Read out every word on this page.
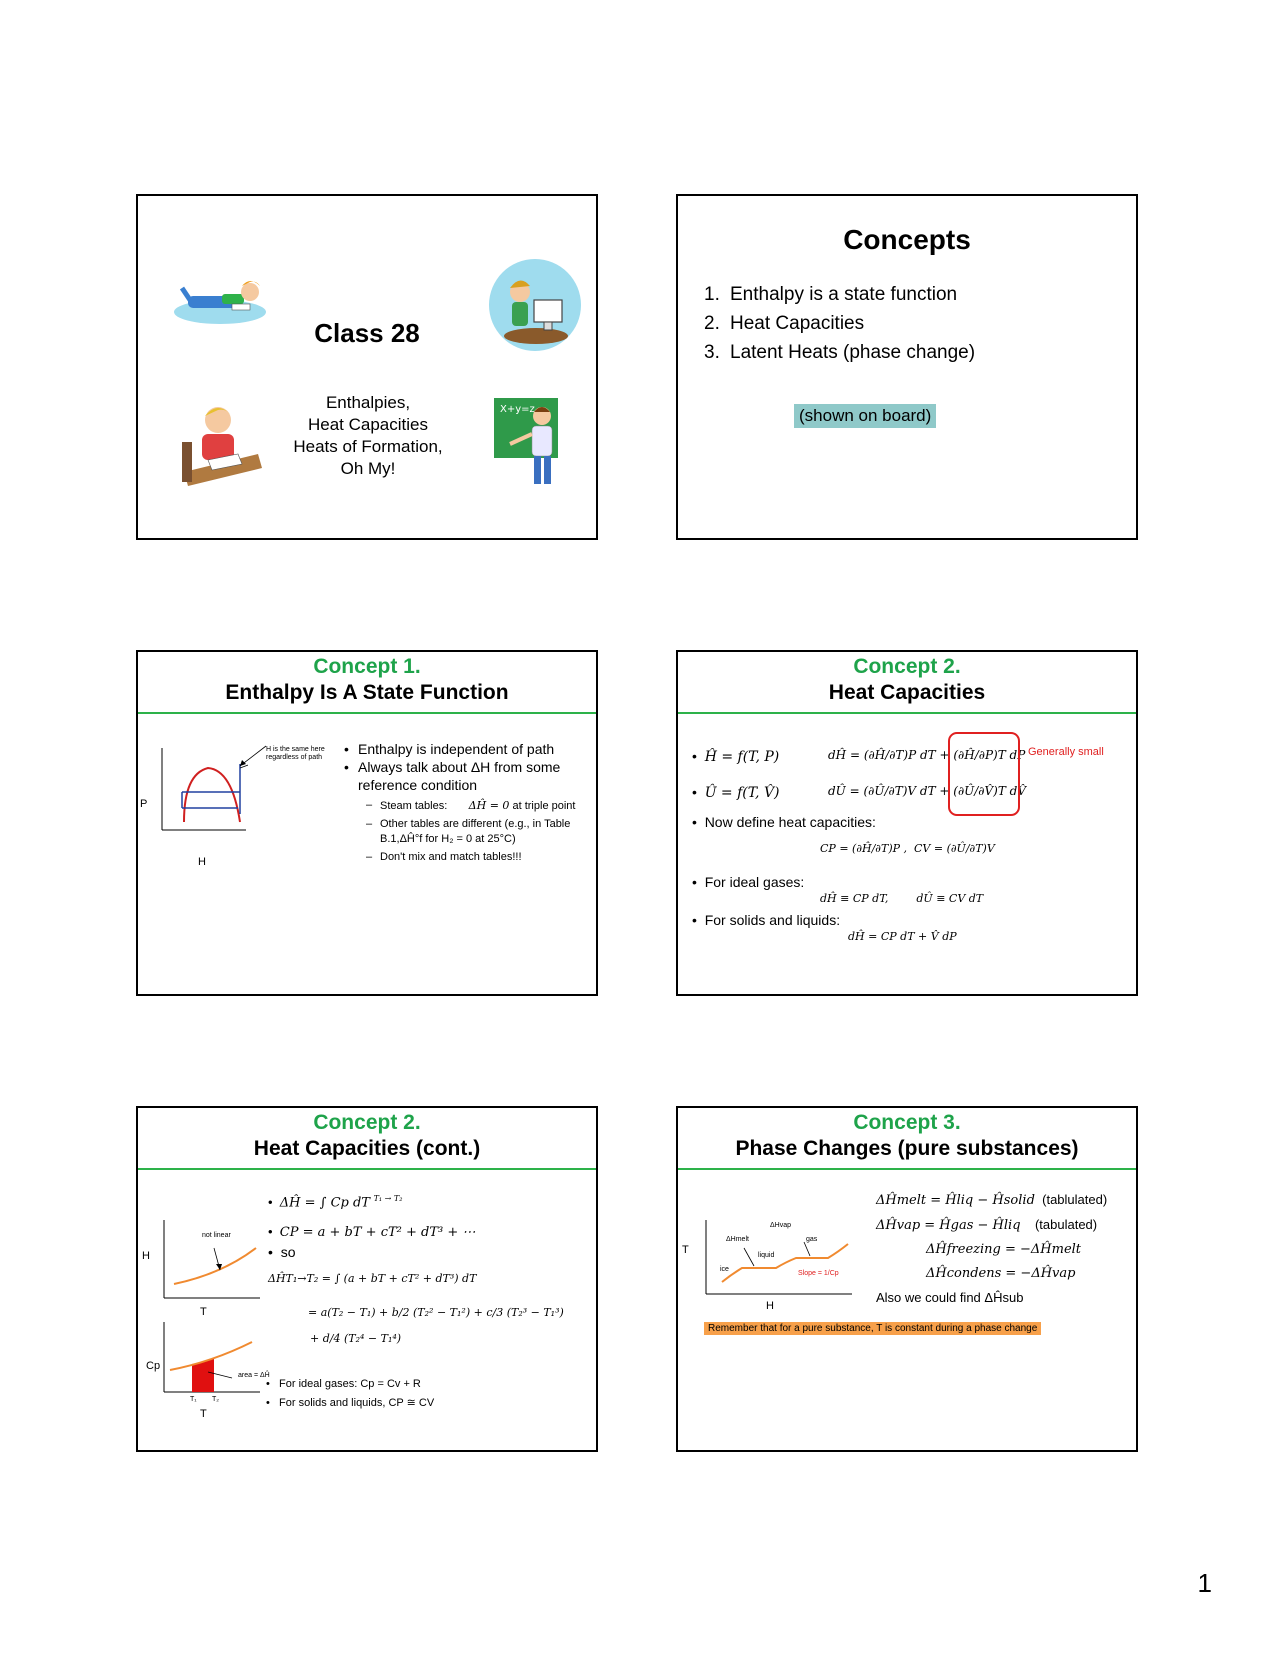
Class 28
Enthalpies,
Heat Capacities
Heats of Formation,
Oh My!
X+y=z
Concepts
1. Enthalpy is a state function
2. Heat Capacities
3. Latent Heats (phase change)
(shown on board)
Concept 1.
Enthalpy Is A State Function
P
H
H is the same here regardless of path
• Enthalpy is independent of path
• Always talk about ΔH from some reference condition
– Steam tables: ΔĤ = 0 at triple point
– Other tables are different (e.g., in Table B.1,ΔĤ°f for H₂ = 0 at 25°C)
– Don't mix and match tables!!!
Concept 2.
Heat Capacities
•  Ĥ = f(T, P)	dĤ = (∂Ĥ/∂T)P dT + (∂Ĥ/∂P)T dP
•  Û = f(T, V̂)	dÛ = (∂Û/∂T)V dT + (∂Û/∂V̂)T dV̂
Generally small
•  Now define heat capacities:
CP = (∂Ĥ/∂T)P , CV = (∂Û/∂T)V
•  For ideal gases:
dĤ ≡ CP dT,        dÛ ≡ CV dT
•  For solids and liquids:
dĤ = CP dT + V̂ dP
Concept 2.
Heat Capacities (cont.)
not linear
H
T
area = ΔĤ
T₁ T₂
Cp
T
•  ΔĤ = ∫ Cp dT $^{T_1 \to T_2}$
•  CP = a + bT + cT² + dT³ + ⋯
•  so
ΔĤT₁→T₂ = ∫ (a + bT + cT² + dT³) dT
= a(T₂ − T₁) + b/2 (T₂² − T₁²) + c/3 (T₂³ − T₁³)
+ d/4 (T₂⁴ − T₁⁴)
•   For ideal gases: Cp = Cv + R
•   For solids and liquids, CP ≅ CV
Concept 3.
Phase Changes (pure substances)
T
H
ΔHmelt
ΔHvap
ice
liquid
gas
Slope = 1/Cp
ΔĤmelt = Ĥliq − Ĥsolid (tablulated)
ΔĤvap = Ĥgas − Ĥliq (tabulated)
ΔĤfreezing = −ΔĤmelt
ΔĤcondens = −ΔĤvap
Also we could find ΔĤsub
Remember that for a pure substance, T is constant during a phase change
1
